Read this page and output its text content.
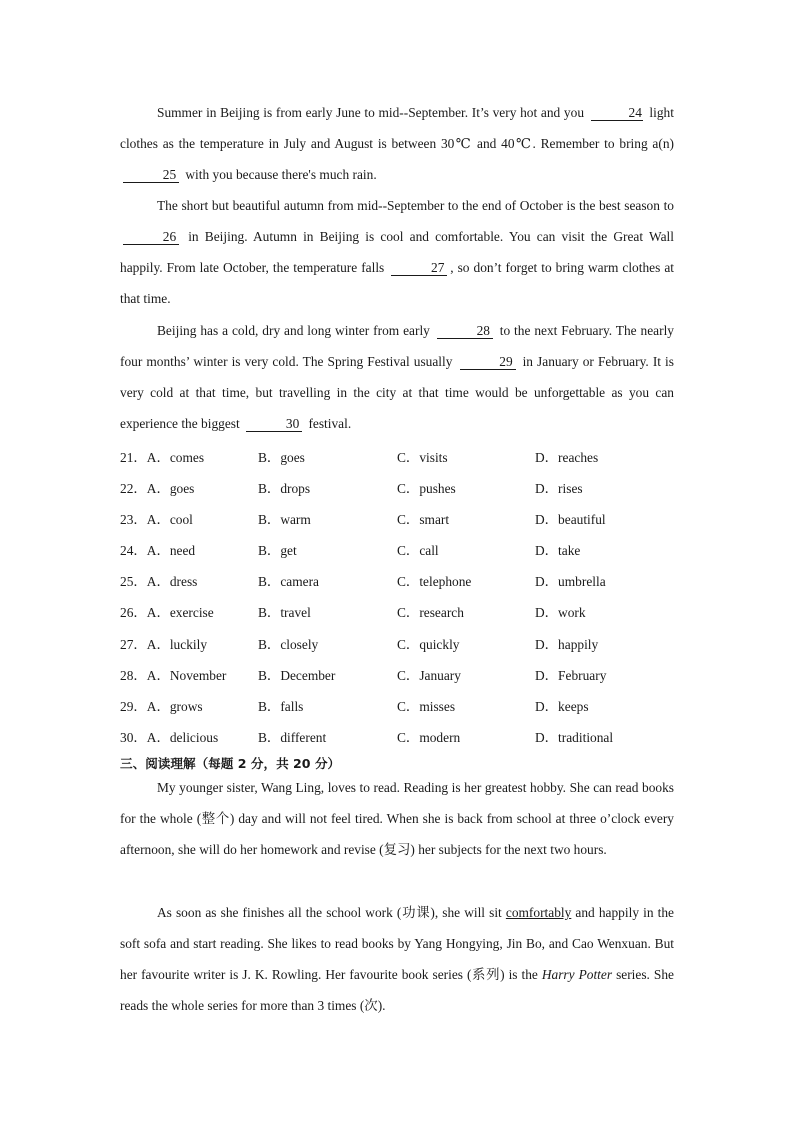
Summer in Beijing is from early June to mid--September. It’s very hot and you	24 light clothes as the temperature in July and August is between 30℃ and 40℃. Remember to bring a(n) 25 with you because there's much rain.

The short but beautiful autumn from mid--September to the end of October is the best season to 26 in Beijing. Autumn in Beijing is cool and comfortable. You can visit the Great Wall happily. From late October, the temperature falls	27 , so don’t forget to bring warm clothes at that time.

Beijing has a cold, dry and long winter from early	28 to the next February. The nearly four months’ winter is very cold. The Spring Festival usually	29 in January or February. It is very cold at that time, but travelling in the city at that time would be unforgettable as you can experience the biggest	30 festival.

21．A．comes	B．goes	C．visits	D．reaches
22．A．goes	B．drops	C．pushes	D．rises
23．A．cool	B．warm	C．smart	D．beautiful
24．A．need	B．get	C．call	D．take
25．A．dress	B．camera	C．telephone	D．umbrella
26．A．exercise	B．travel	C．research	D．work
27．A．luckily	B．closely	C．quickly	D．happily
28．A．November B．December	C．January	D．February
29．A．grows	B．falls	C．misses	D．keeps
30．A．delicious	B．different	C．modern	D．traditional

三、阅读理解（每题 2 分，共 20 分）

My younger sister, Wang Ling, loves to read. Reading is her greatest hobby. She can read books for the whole (整个) day and will not feel tired. When she is back from school at three o’clock every afternoon, she will do her homework and revise (复习) her subjects for the next two hours.

As soon as she finishes all the school work (功课), she will sit comfortably and happily in the soft sofa and start reading. She likes to read books by Yang Hongying, Jin Bo, and Cao Wenxuan. But her favourite writer is J. K. Rowling. Her favourite book series (系列) is the Harry Potter series. She reads the whole series for more than 3 times (次).
